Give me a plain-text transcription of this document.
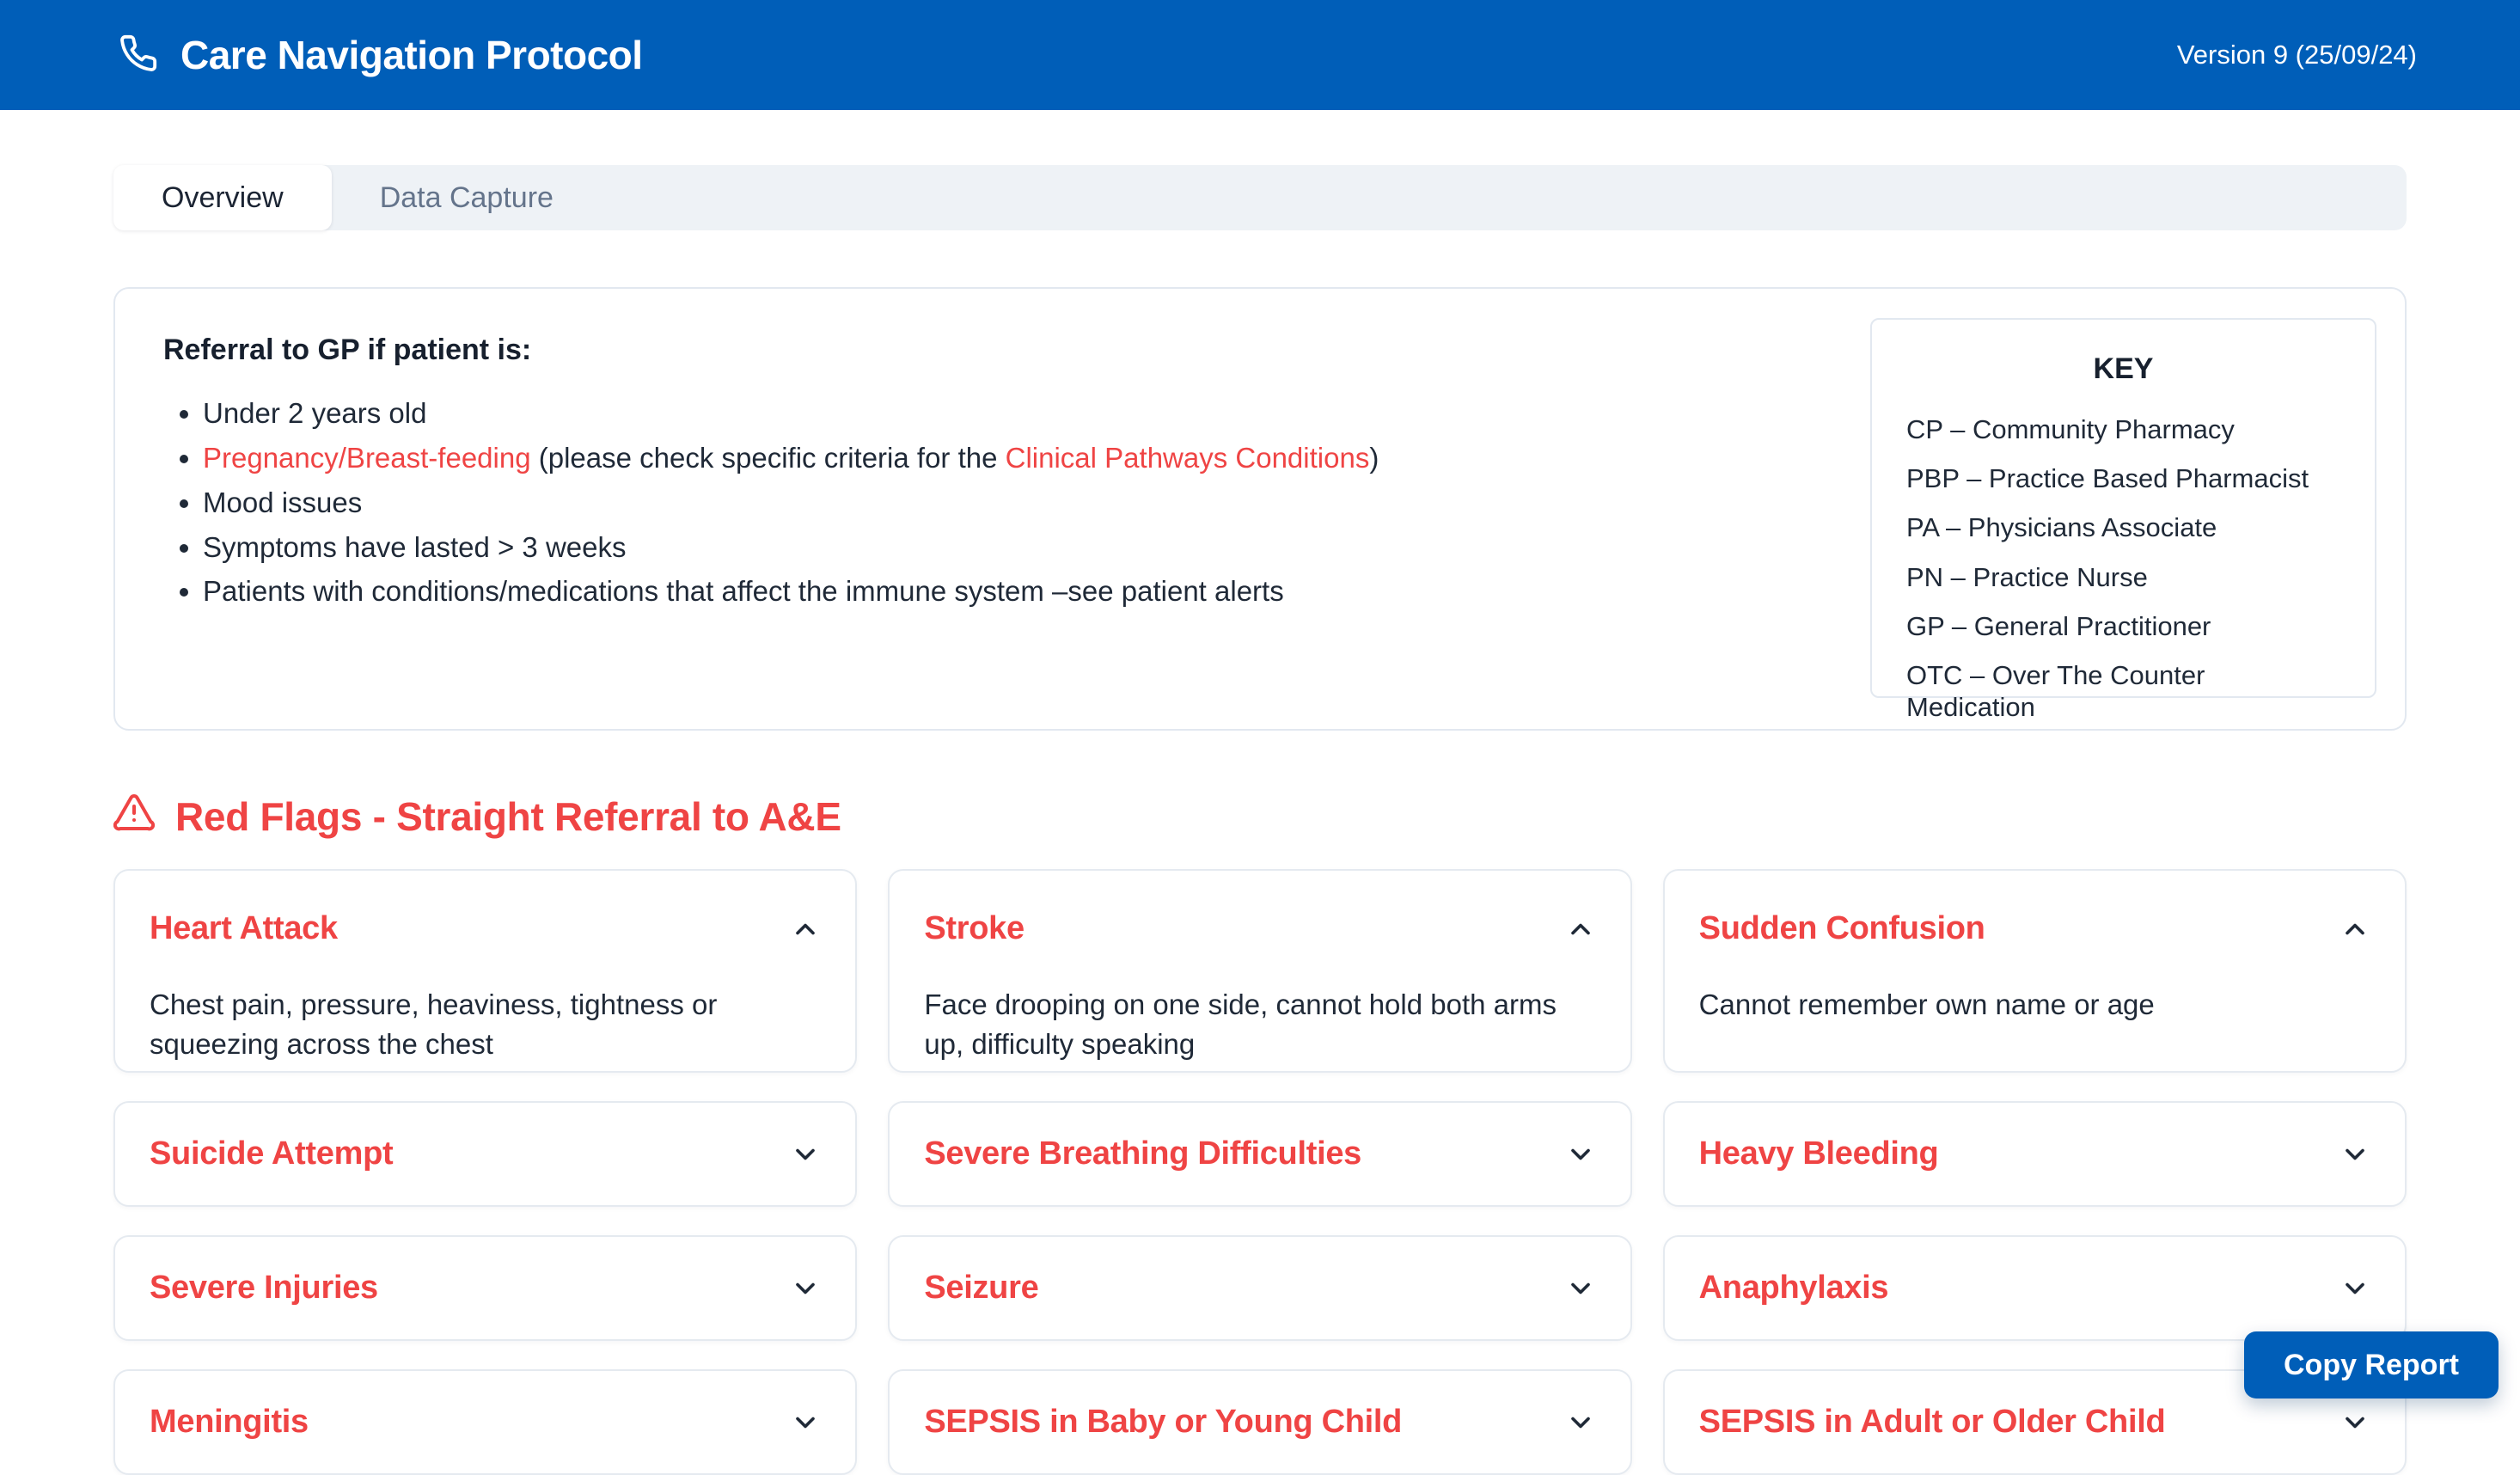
Care Navigation Protocol	Version 9 (25/09/24)
Overview	Data Capture
Referral to GP if patient is:
• Under 2 years old
• Pregnancy/Breast-feeding (please check specific criteria for the Clinical Pathways Conditions)
• Mood issues
• Symptoms have lasted > 3 weeks
• Patients with conditions/medications that affect the immune system –see patient alerts
KEY
CP – Community Pharmacy
PBP – Practice Based Pharmacist
PA – Physicians Associate
PN – Practice Nurse
GP – General Practitioner
OTC – Over The Counter Medication
Red Flags - Straight Referral to A&E
Heart Attack
Chest pain, pressure, heaviness, tightness or squeezing across the chest
Stroke
Face drooping on one side, cannot hold both arms up, difficulty speaking
Sudden Confusion
Cannot remember own name or age
Suicide Attempt	Severe Breathing Difficulties	Heavy Bleeding
Severe Injuries	Seizure	Anaphylaxis
Meningitis	SEPSIS in Baby or Young Child	SEPSIS in Adult or Older Child
Copy Report
